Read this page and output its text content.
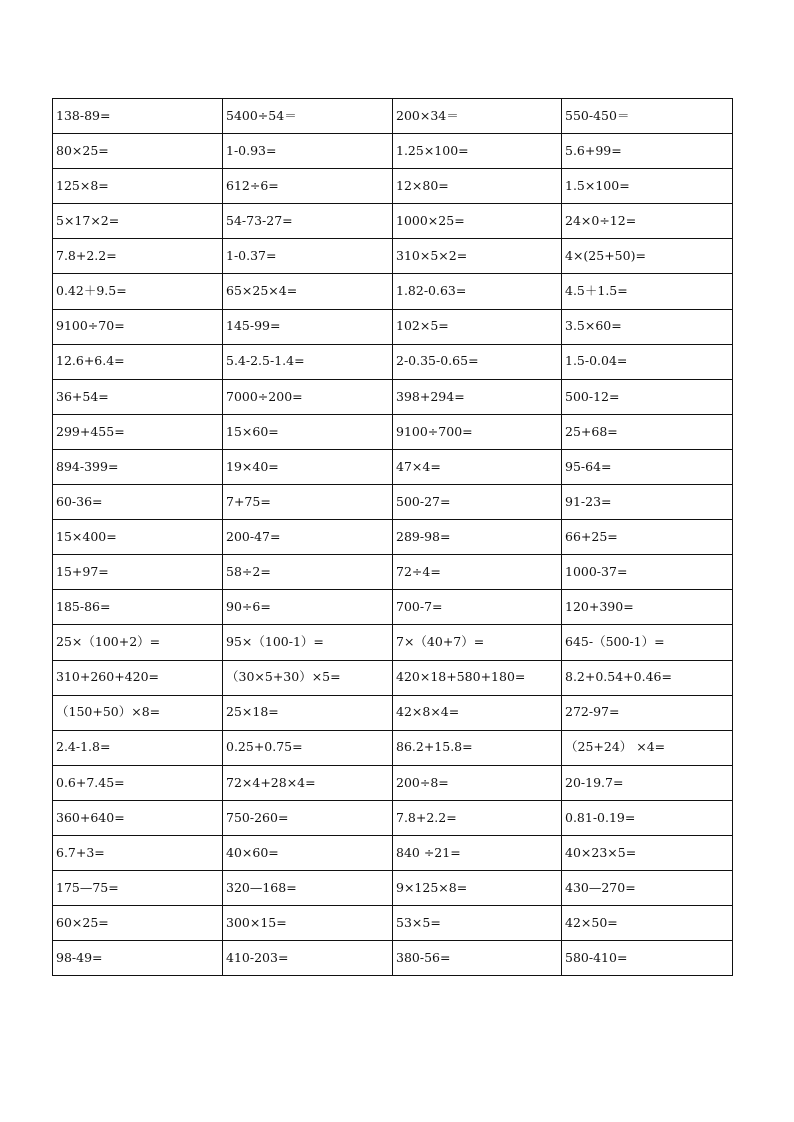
138-89=	5400÷54＝	200×34＝	550-450＝
80×25=	1-0.93=	1.25×100=	5.6+99=
125×8=	612÷6=	12×80=	1.5×100=
5×17×2=	54-73-27=	1000×25=	24×0÷12=
7.8+2.2=	1-0.37=	310×5×2=	4×(25+50)=
0.42＋9.5=	65×25×4=	1.82-0.63=	4.5＋1.5=
9100÷70=	145-99=	102×5=	3.5×60=
12.6+6.4=	5.4-2.5-1.4=	2-0.35-0.65=	1.5-0.04=
36+54=	7000÷200=	398+294=	500-12=
299+455=	15×60=	9100÷700=	25+68=
894-399=	19×40=	47×4=	95-64=
60-36=	7+75=	500-27=	91-23=
15×400=	200-47=	289-98=	66+25=
15+97=	58÷2=	72÷4=	1000-37=
185-86=	90÷6=	700-7=	120+390=
25×（100+2）=	95×（100-1）=	7×（40+7）=	645-（500-1）=
310+260+420=	（30×5+30）×5=	420×18+580+180=	8.2+0.54+0.46=
（150+50）×8=	25×18=	42×8×4=	272-97=
2.4-1.8=	0.25+0.75=	86.2+15.8=	（25+24） ×4=
0.6+7.45=	72×4+28×4=	200÷8=	20-19.7=
360+640=	750-260=	7.8+2.2=	0.81-0.19=
6.7+3=	40×60=	840 ÷21=	40×23×5=
175—75=	320—168=	9×125×8=	430—270=
60×25=	300×15=	53×5=	42×50=
98-49=	410-203=	380-56=	580-410=
